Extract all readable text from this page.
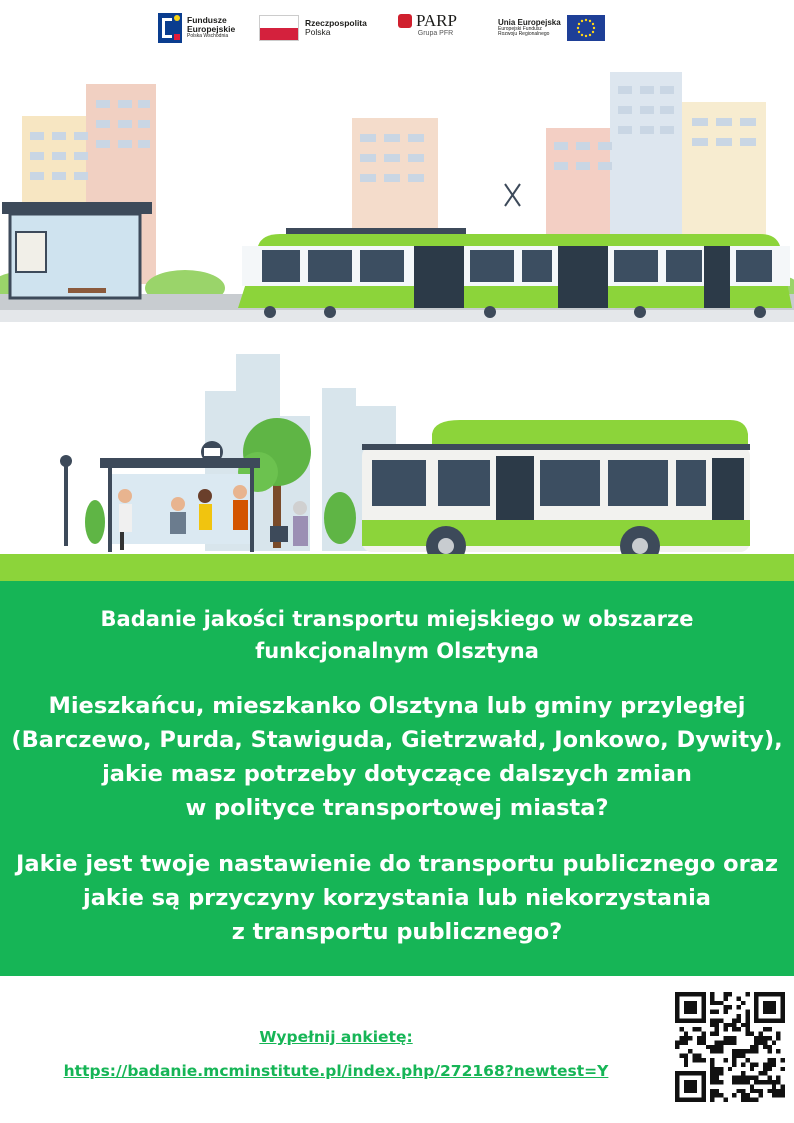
Fundusze
Europejskie
Polska Wschodnia
Rzeczpospolita
Polska
PARP
Grupa PFR
Unia Europejska
Europejski Fundusz
Rozwoju Regionalnego

Badanie jakości transportu miejskiego w obszarze

funkcjonalnym Olsztyna

Mieszkańcu, mieszkanko Olsztyna lub gminy przyległej

(Barczewo, Purda, Stawiguda, Gietrzwałd, Jonkowo, Dywity),

jakie masz potrzeby dotyczące dalszych zmian

w polityce transportowej miasta?

Jakie jest twoje nastawienie do transportu publicznego oraz

jakie są przyczyny korzystania lub niekorzystania

z transportu publicznego?

Wypełnij ankietę:
https://badanie.mcminstitute.pl/index.php/272168?newtest=Y
